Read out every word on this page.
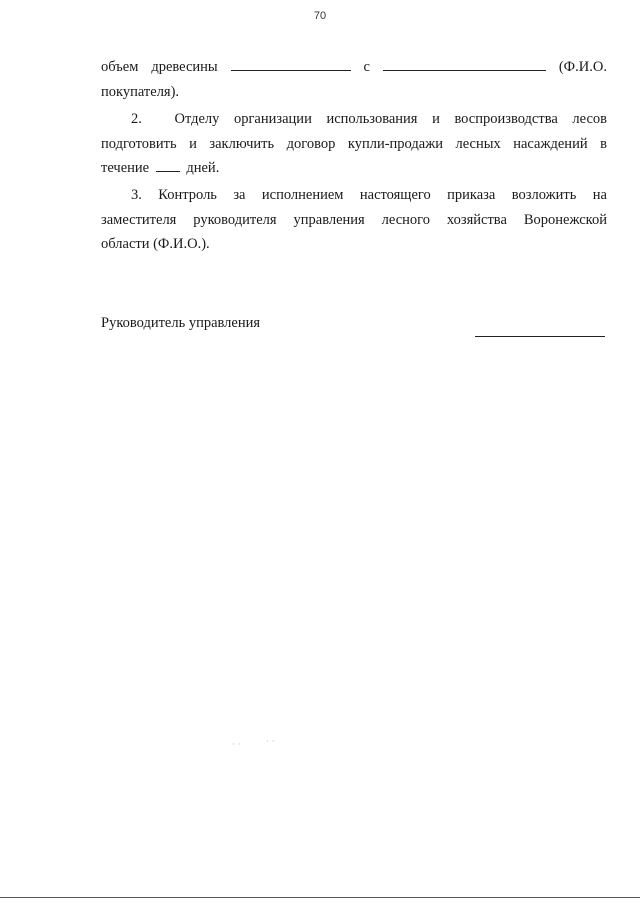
70
объем древесины	с	(Ф.И.О.
покупателя).
2. Отделу организации использования и воспроизводства лесов
подготовить и заключить договор купли-продажи лесных насаждений в
течение	дней.
3. Контроль за исполнением настоящего приказа возложить на
заместителя руководителя управления лесного хозяйства Воронежской
области (Ф.И.О.).
Руководитель управления
· ·	· ·
